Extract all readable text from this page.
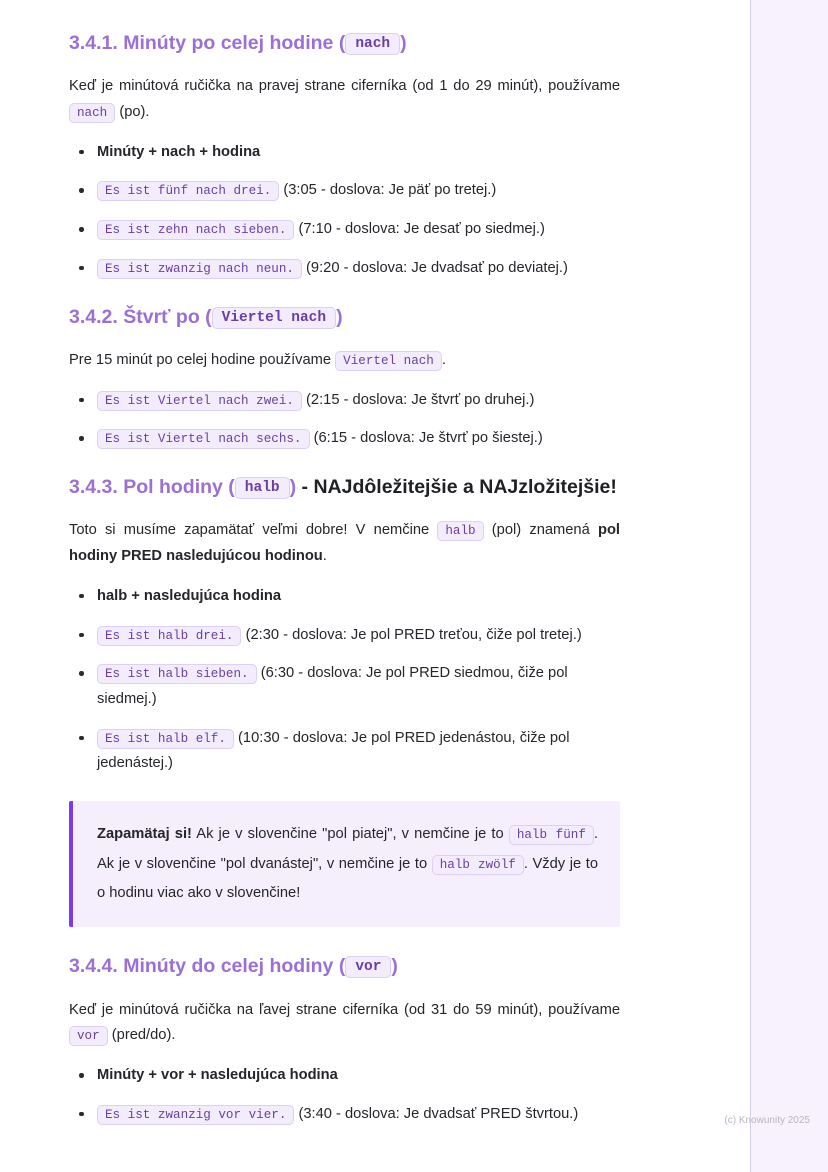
3.4.1. Minúty po celej hodine ( nach )

Keď je minútová ručička na pravej strane ciferníka (od 1 do 29 minút), používame nach (po).

Minúty + nach + hodina
Es ist fünf nach drei. (3:05 - doslova: Je päť po tretej.)
Es ist zehn nach sieben. (7:10 - doslova: Je desať po siedmej.)
Es ist zwanzig nach neun. (9:20 - doslova: Je dvadsať po deviatej.)
3.4.2. Štvrť po ( Viertel nach )

Pre 15 minút po celej hodine používame Viertel nach .

Es ist Viertel nach zwei. (2:15 - doslova: Je štvrť po druhej.)
Es ist Viertel nach sechs. (6:15 - doslova: Je štvrť po šiestej.)
3.4.3. Pol hodiny ( halb ) - NAJdôležitejšie a NAJzložitejšie!

Toto si musíme zapamätať veľmi dobre! V nemčine halb (pol) znamená pol hodiny PRED nasledujúcou hodinou.

halb + nasledujúca hodina
Es ist halb drei. (2:30 - doslova: Je pol PRED treťou, čiže pol tretej.)
Es ist halb sieben. (6:30 - doslova: Je pol PRED siedmou, čiže pol siedmej.)
Es ist halb elf. (10:30 - doslova: Je pol PRED jedenástou, čiže pol jedenástej.)
Zapamätaj si! Ak je v slovenčine "pol piatej", v nemčine je to halb fünf . Ak je v slovenčine "pol dvanástej", v nemčine je to halb zwölf . Vždy je to o hodinu viac ako v slovenčine!
3.4.4. Minúty do celej hodiny ( vor )

Keď je minútová ručička na ľavej strane ciferníka (od 31 do 59 minút), používame vor (pred/do).

Minúty + vor + nasledujúca hodina
Es ist zwanzig vor vier. (3:40 - doslova: Je dvadsať PRED štvrtou.)	(c) Knowunity 2025
